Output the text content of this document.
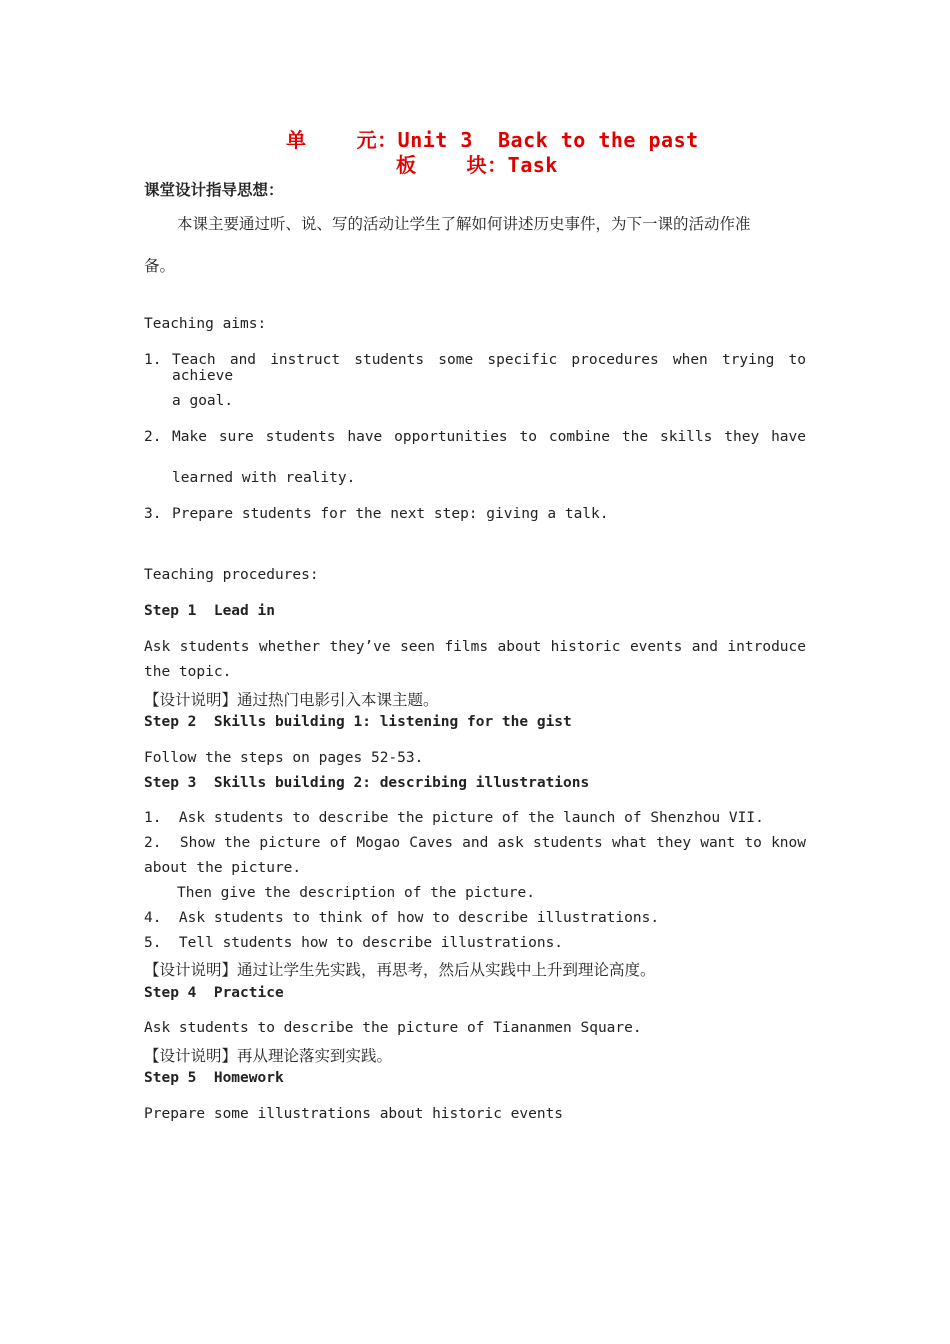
单    元：Unit 3  Back to the past
板    块：Task
课堂设计指导思想：
本课主要通过听、说、写的活动让学生了解如何讲述历史事件，为下一课的活动作准
备。
Teaching aims:
1. Teach and instruct students some specific procedures when trying to achieve
a goal.
2. Make sure students have opportunities to combine the skills they have
learned with reality.
3. Prepare students for the next step: giving a talk.
Teaching procedures:
Step 1  Lead in
Ask students whether they’ve seen films about historic events and introduce
the topic.
【设计说明】通过热门电影引入本课主题。
Step 2  Skills building 1: listening for the gist
Follow the steps on pages 52-53.
Step 3  Skills building 2: describing illustrations
1.  Ask students to describe the picture of the launch of Shenzhou VII.
2.  Show the picture of Mogao Caves and ask students what they want to know
about the picture.
Then give the description of the picture.
4.  Ask students to think of how to describe illustrations.
5.  Tell students how to describe illustrations.
【设计说明】通过让学生先实践，再思考，然后从实践中上升到理论高度。
Step 4  Practice
Ask students to describe the picture of Tiananmen Square.
【设计说明】再从理论落实到实践。
Step 5  Homework
Prepare some illustrations about historic events
